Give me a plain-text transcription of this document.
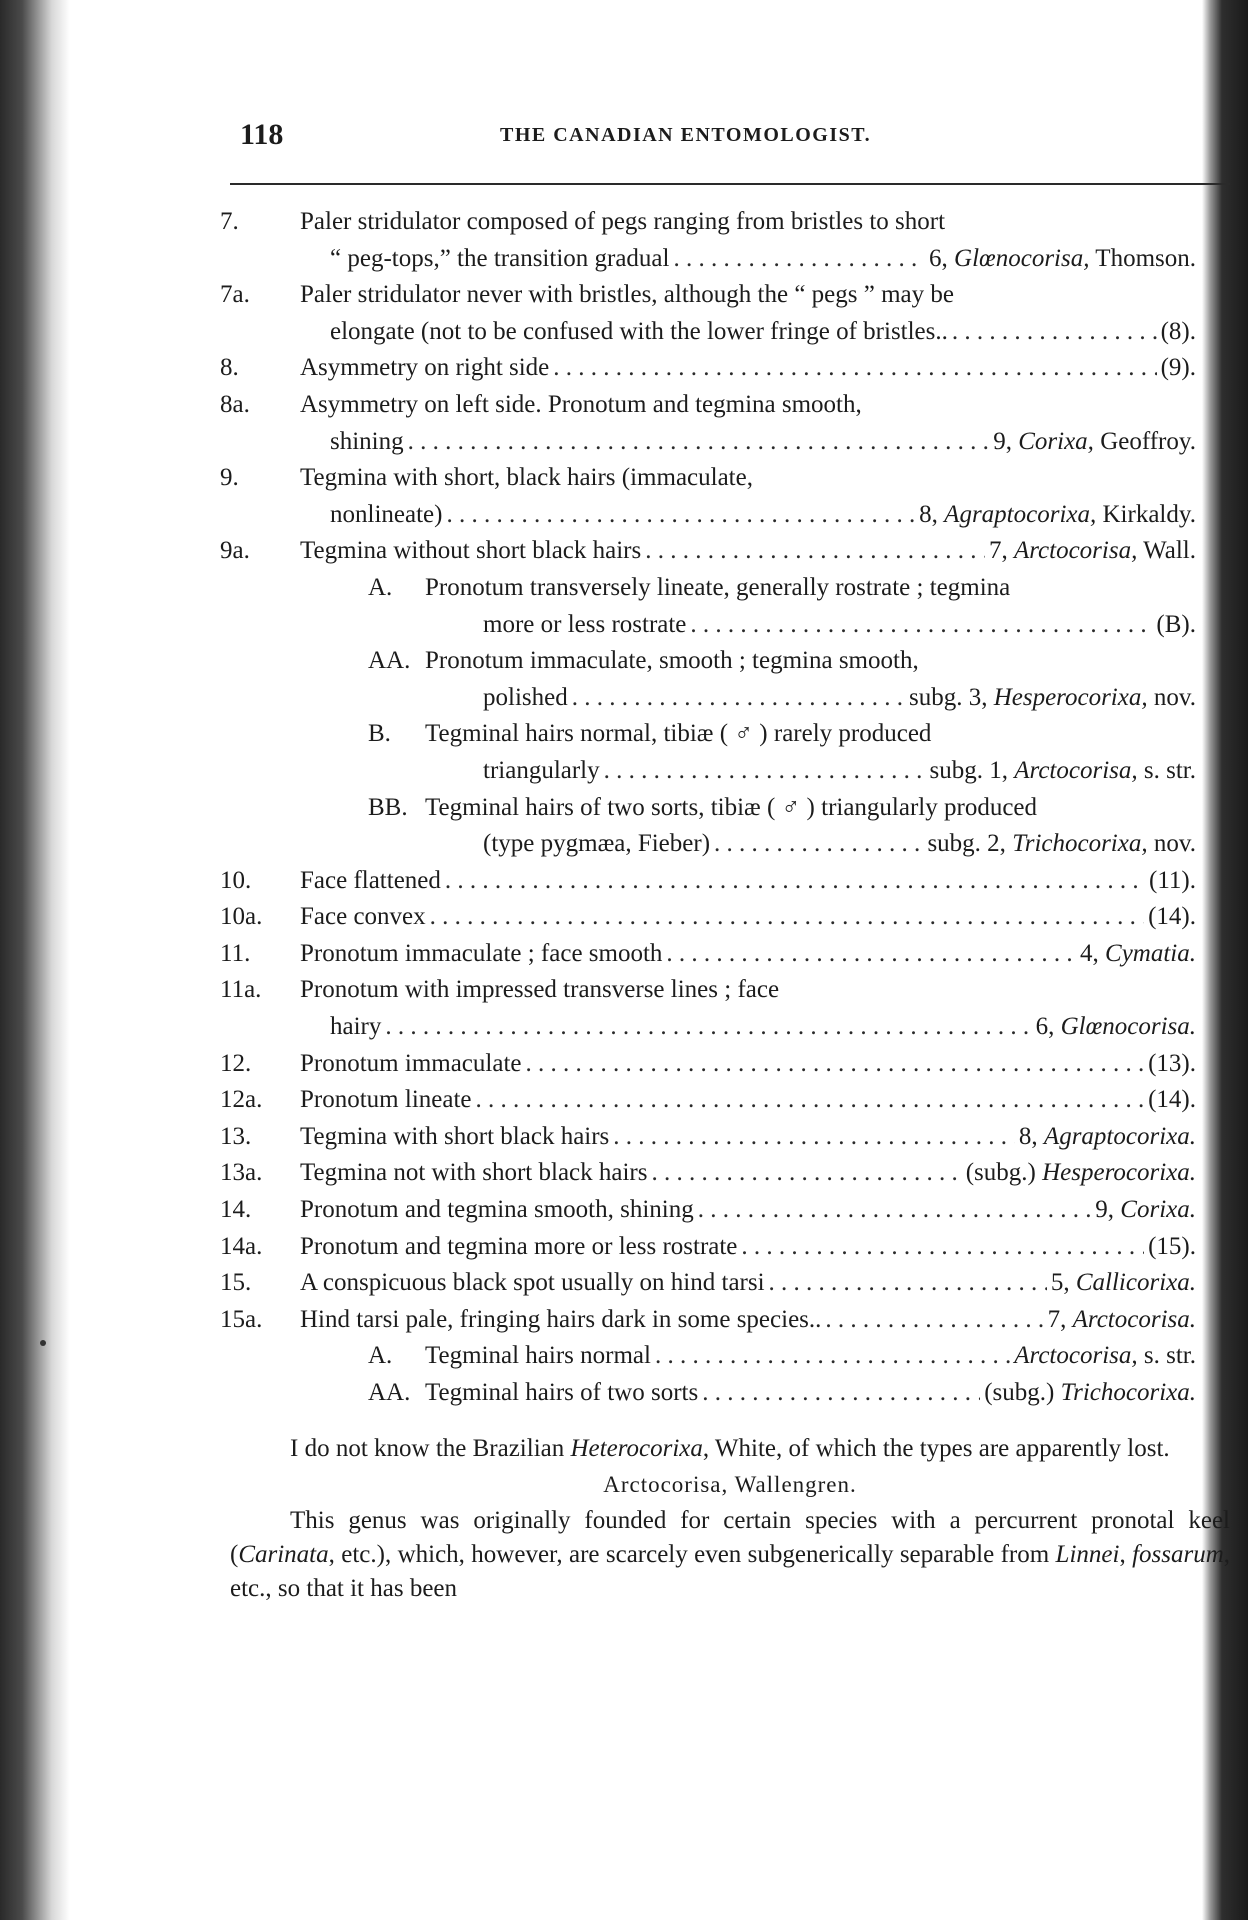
118	THE CANADIAN ENTOMOLOGIST.
7.	Paler stridulator composed of pegs ranging from bristles to short
“ peg-tops,” the transition gradual . . .	6, Glœnocorisa, Thomson.
7a.	Paler stridulator never with bristles, although the “ pegs ” may be
elongate (not to be confused with the lower fringe of bristles.. . . .	(8).
8.	Asymmetry on right side . . .	(9).
8a.	Asymmetry on left side. Pronotum and tegmina smooth,
shining . . .	9, Corixa, Geoffroy.
9.	Tegmina with short, black hairs (immaculate,
nonlineate) . . .	8, Agraptocorixa, Kirkaldy.
9a.	Tegmina without short black hairs . . .	7, Arctocorisa, Wall.
A.	Pronotum transversely lineate, generally rostrate ; tegmina
more or less rostrate . . .	(B).
AA. Pronotum immaculate, smooth ; tegmina smooth,
polished . . .	subg. 3, Hesperocorixa, nov.
B.	Tegminal hairs normal, tibiæ ( ♂ ) rarely produced
triangularly . . .	subg. 1, Arctocorisa, s. str.
BB. Tegminal hairs of two sorts, tibiæ ( ♂ ) triangularly produced
(type pygmæa, Fieber) . . .	subg. 2, Trichocorixa, nov.
10.	Face flattened . . .	(11).
10a.	Face convex . . .	(14).
11.	Pronotum immaculate ; face smooth . . .	4, Cymatia.
11a.	Pronotum with impressed transverse lines ; face
hairy . . .	6, Glœnocorisa.
12.	Pronotum immaculate . . .	(13).
12a.	Pronotum lineate . . .	(14).
13.	Tegmina with short black hairs . . .	8, Agraptocorixa.
13a.	Tegmina not with short black hairs . . .	(subg.) Hesperocorixa.
14.	Pronotum and tegmina smooth, shining . . .	9, Corixa.
14a.	Pronotum and tegmina more or less rostrate . . .	(15).
15.	A conspicuous black spot usually on hind tarsi . . .	5, Callicorixa.
15a.	Hind tarsi pale, fringing hairs dark in some species.. . . .	7, Arctocorisa.
A.	Tegminal hairs normal . . .	Arctocorisa, s. str.
AA. Tegminal hairs of two sorts . . .	(subg.) Trichocorixa.

I do not know the Brazilian Heterocorixa, White, of which the types are apparently lost.

Arctocorisa, Wallengren.

This genus was originally founded for certain species with a percurrent pronotal keel (Carinata, etc.), which, however, are scarcely even subgenerically separable from Linnei, fossarum, etc., so that it has been
